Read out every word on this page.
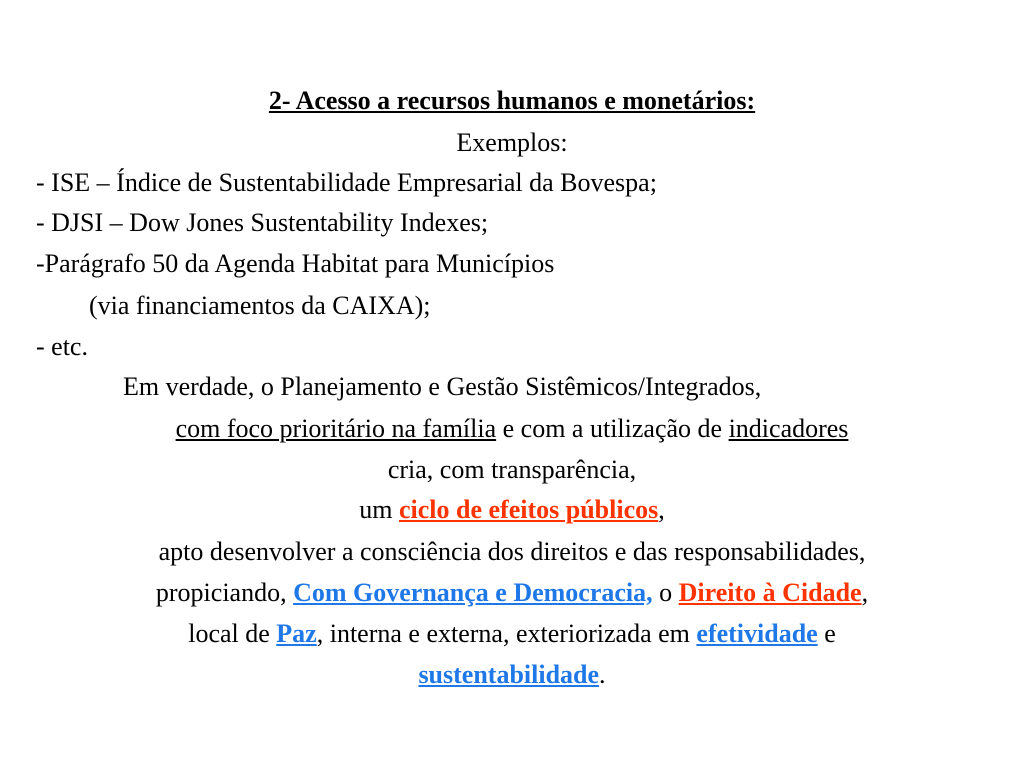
2- Acesso a recursos humanos e monetários:
Exemplos:
- ISE – Índice de Sustentabilidade Empresarial da Bovespa;
- DJSI – Dow Jones Sustentability Indexes;
-Parágrafo 50 da Agenda Habitat para Municípios
(via financiamentos da CAIXA);
- etc.
Em verdade, o Planejamento e Gestão Sistêmicos/Integrados,
com foco prioritário na família e com a utilização de indicadores
cria, com transparência,
um ciclo de efeitos públicos,
apto desenvolver a consciência dos direitos e das responsabilidades,
propiciando, Com Governança e Democracia, o Direito à Cidade,
local de Paz, interna e externa, exteriorizada em efetividade e
sustentabilidade.
